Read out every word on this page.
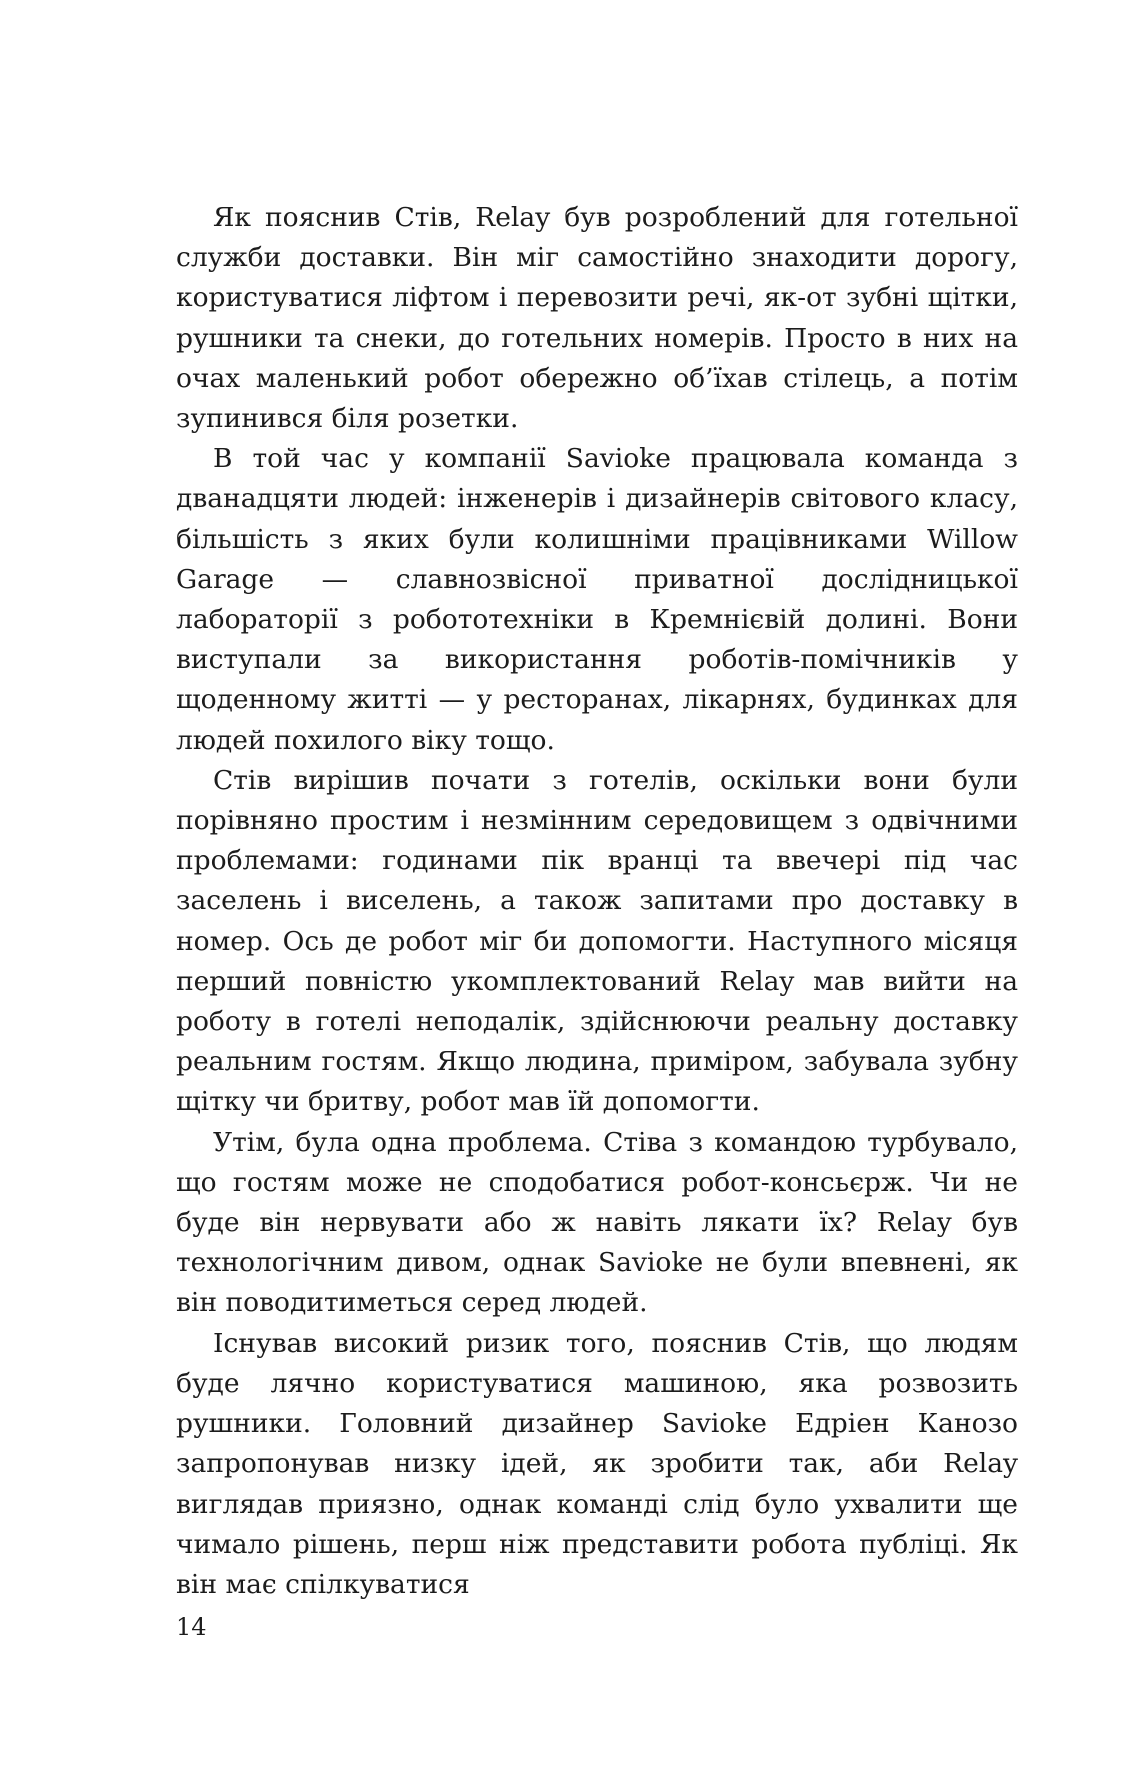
Як пояснив Стів, Relay був розроблений для готельної служби доставки. Він міг самостійно знаходити дорогу, користуватися ліфтом і перевозити речі, як-от зубні щітки, рушники та снеки, до готельних номерів. Просто в них на очах маленький робот обережно об’їхав стілець, а потім зупинився біля розетки.

В той час у компанії Savioke працювала команда з дванадцяти людей: інженерів і дизайнерів світового класу, більшість з яких були колишніми працівниками Willow Garage — славнозвісної приватної дослідницької лабораторії з робототехніки в Кремнієвій долині. Вони виступали за використання роботів-помічників у щоденному житті — у ресторанах, лікарнях, будинках для людей похилого віку тощо.

Стів вирішив почати з готелів, оскільки вони були порівняно простим і незмінним середовищем з одвічними проблемами: годинами пік вранці та ввечері під час заселень і виселень, а також запитами про доставку в номер. Ось де робот міг би допомогти. Наступного місяця перший повністю укомплектований Relay мав вийти на роботу в готелі неподалік, здійснюючи реальну доставку реальним гостям. Якщо людина, приміром, забувала зубну щітку чи бритву, робот мав їй допомогти.

Утім, була одна проблема. Стіва з командою турбувало, що гостям може не сподобатися робот-консьєрж. Чи не буде він нервувати або ж навіть лякати їх? Relay був технологічним дивом, однак Savioke не були впевнені, як він поводитиметься серед людей.

Існував високий ризик того, пояснив Стів, що людям буде лячно користуватися машиною, яка розвозить рушники. Головний дизайнер Savioke Едріен Канозо запропонував низку ідей, як зробити так, аби Relay виглядав приязно, однак команді слід було ухвалити ще чимало рішень, перш ніж представити робота публіці. Як він має спілкуватися

14
